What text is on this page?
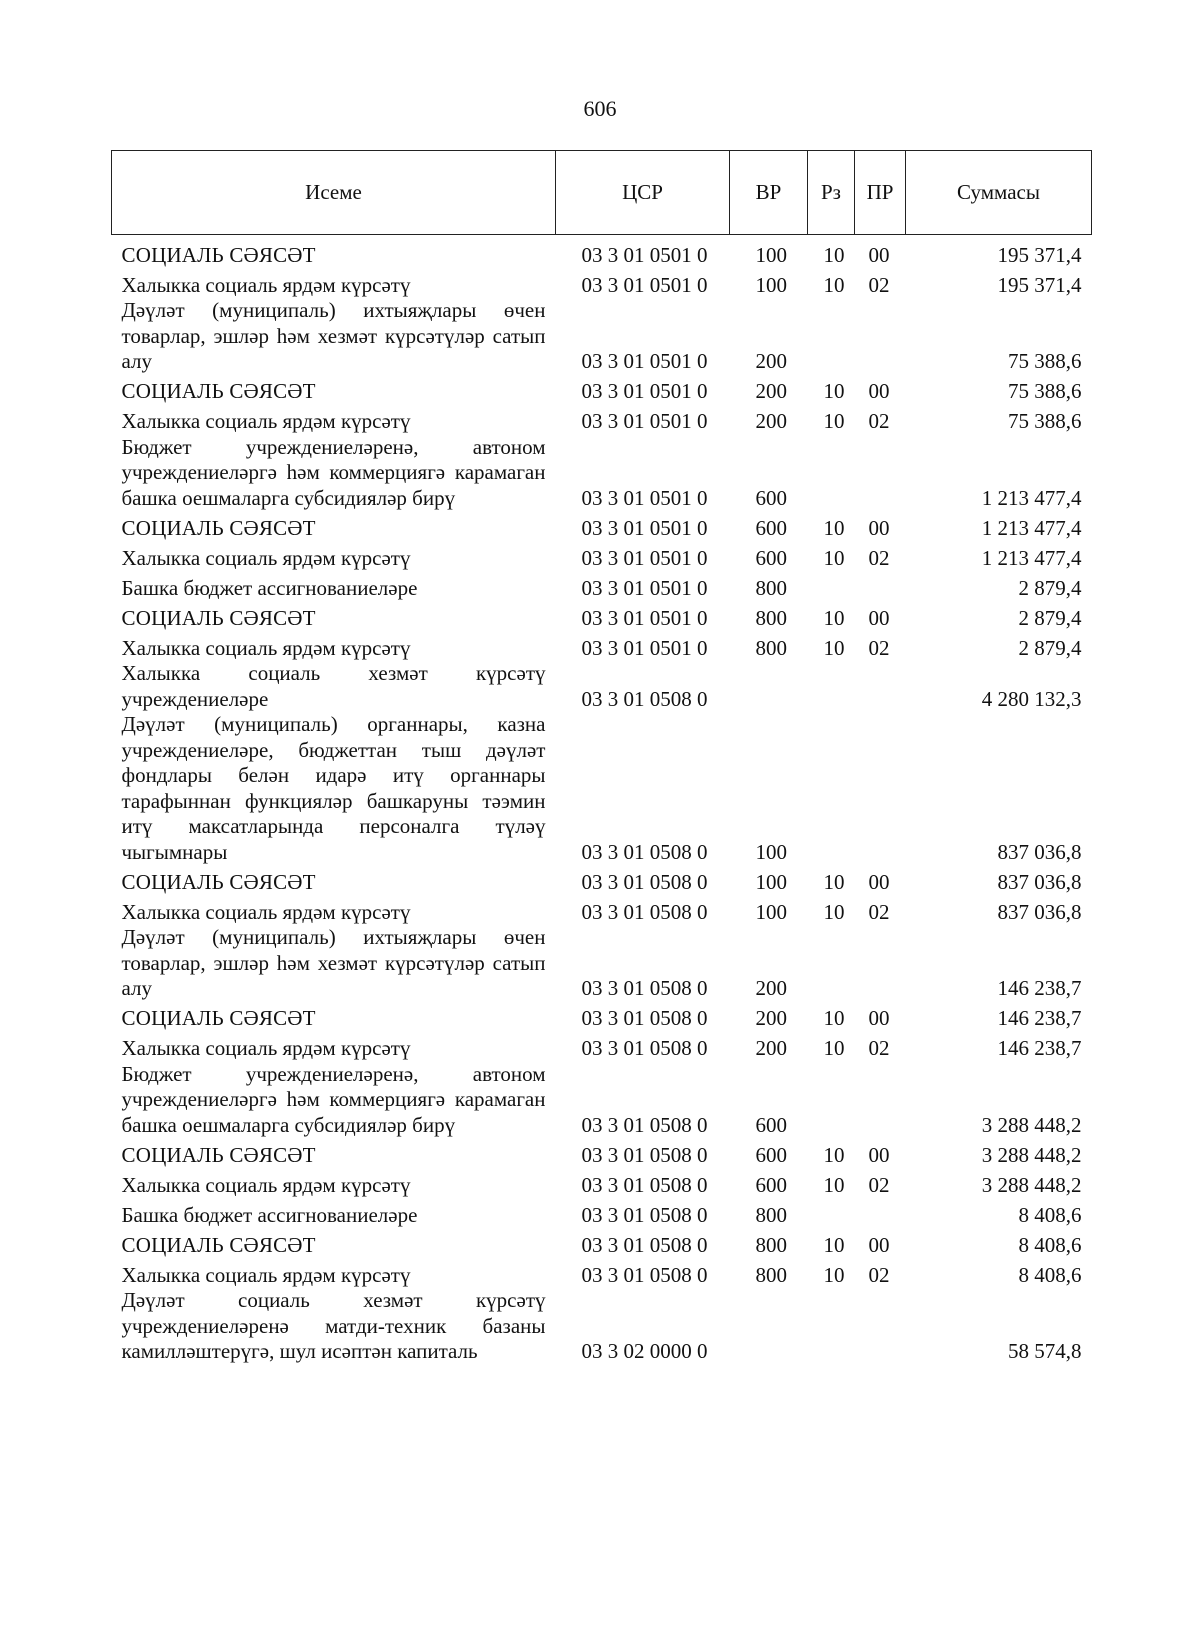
606
Исеме	ЦСР	ВР	Рз	ПР	Суммасы
СОЦИАЛЬ СӘЯСӘТ	03 3 01 0501 0	100	10	00	195 371,4
Халыкка социаль ярдәм күрсәтү	03 3 01 0501 0	100	10	02	195 371,4
Дәүләт (муниципаль) ихтыяҗлары өчен товарлар, эшләр һәм хезмәт күрсәтүләр сатып алу	03 3 01 0501 0	200			75 388,6
СОЦИАЛЬ СӘЯСӘТ	03 3 01 0501 0	200	10	00	75 388,6
Халыкка социаль ярдәм күрсәтү	03 3 01 0501 0	200	10	02	75 388,6
Бюджет учреждениеләренә, автоном учреждениеләргә һәм коммерциягә карамаган башка оешмаларга субсидияләр бирү	03 3 01 0501 0	600			1 213 477,4
СОЦИАЛЬ СӘЯСӘТ	03 3 01 0501 0	600	10	00	1 213 477,4
Халыкка социаль ярдәм күрсәтү	03 3 01 0501 0	600	10	02	1 213 477,4
Башка бюджет ассигнованиеләре	03 3 01 0501 0	800			2 879,4
СОЦИАЛЬ СӘЯСӘТ	03 3 01 0501 0	800	10	00	2 879,4
Халыкка социаль ярдәм күрсәтү	03 3 01 0501 0	800	10	02	2 879,4
Халыкка социаль хезмәт күрсәтү учреждениеләре	03 3 01 0508 0				4 280 132,3
Дәүләт (муниципаль) органнары, казна учреждениеләре, бюджеттан тыш дәүләт фондлары белән идарә итү органнары тарафыннан функцияләр башкаруны тәэмин итү максатларында персоналга түләү чыгымнары	03 3 01 0508 0	100			837 036,8
СОЦИАЛЬ СӘЯСӘТ	03 3 01 0508 0	100	10	00	837 036,8
Халыкка социаль ярдәм күрсәтү	03 3 01 0508 0	100	10	02	837 036,8
Дәүләт (муниципаль) ихтыяҗлары өчен товарлар, эшләр һәм хезмәт күрсәтүләр сатып алу	03 3 01 0508 0	200			146 238,7
СОЦИАЛЬ СӘЯСӘТ	03 3 01 0508 0	200	10	00	146 238,7
Халыкка социаль ярдәм күрсәтү	03 3 01 0508 0	200	10	02	146 238,7
Бюджет учреждениеләренә, автоном учреждениеләргә һәм коммерциягә карамаган башка оешмаларга субсидияләр бирү	03 3 01 0508 0	600			3 288 448,2
СОЦИАЛЬ СӘЯСӘТ	03 3 01 0508 0	600	10	00	3 288 448,2
Халыкка социаль ярдәм күрсәтү	03 3 01 0508 0	600	10	02	3 288 448,2
Башка бюджет ассигнованиеләре	03 3 01 0508 0	800			8 408,6
СОЦИАЛЬ СӘЯСӘТ	03 3 01 0508 0	800	10	00	8 408,6
Халыкка социаль ярдәм күрсәтү	03 3 01 0508 0	800	10	02	8 408,6
Дәүләт социаль хезмәт күрсәтү учреждениеләренә матди-техник базаны камилләштерүгә, шул исәптән капиталь	03 3 02 0000 0				58 574,8
